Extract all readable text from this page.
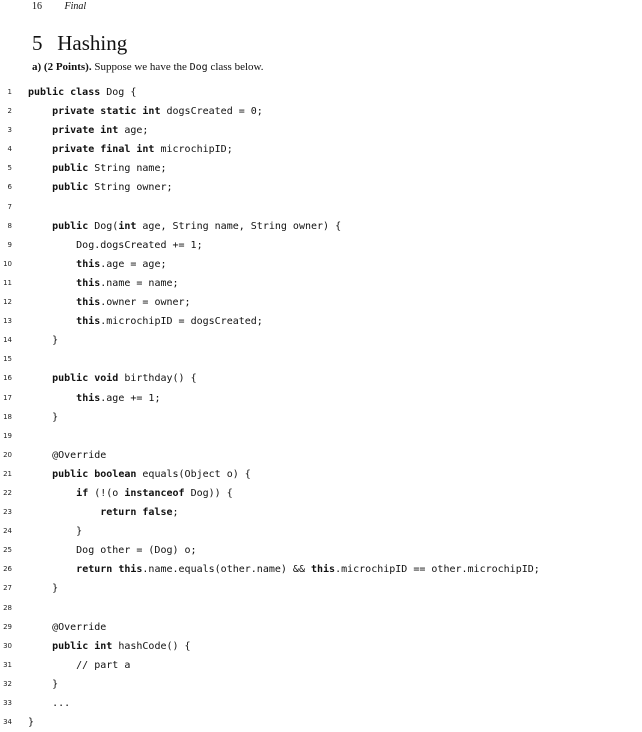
16 Final
5 Hashing
a) (2 Points). Suppose we have the Dog class below.
1 public class Dog {
2	private static int dogsCreated = 0;
3	private int age;
4	private final int microchipID;
5	public String name;
6	public String owner;
7
8	public Dog(int age, String name, String owner) {
9 Dog.dogsCreated += 1;
10	this.age = age;
11	this.name = name;
12	this.owner = owner;
13	this.microchipID = dogsCreated;
14 }
15
16	public void birthday() {
17	this.age += 1;
18 }
19
20 @Override
21	public boolean equals(Object o) {
22	if (!(o instanceof Dog)) {
23	return false;
24 }
25 Dog other = (Dog) o;
26	return this.name.equals(other.name) && this.microchipID == other.microchipID;
27 }
28
29 @Override
30	public int hashCode() {
31 // part a
32 }
33 ...
34 }
